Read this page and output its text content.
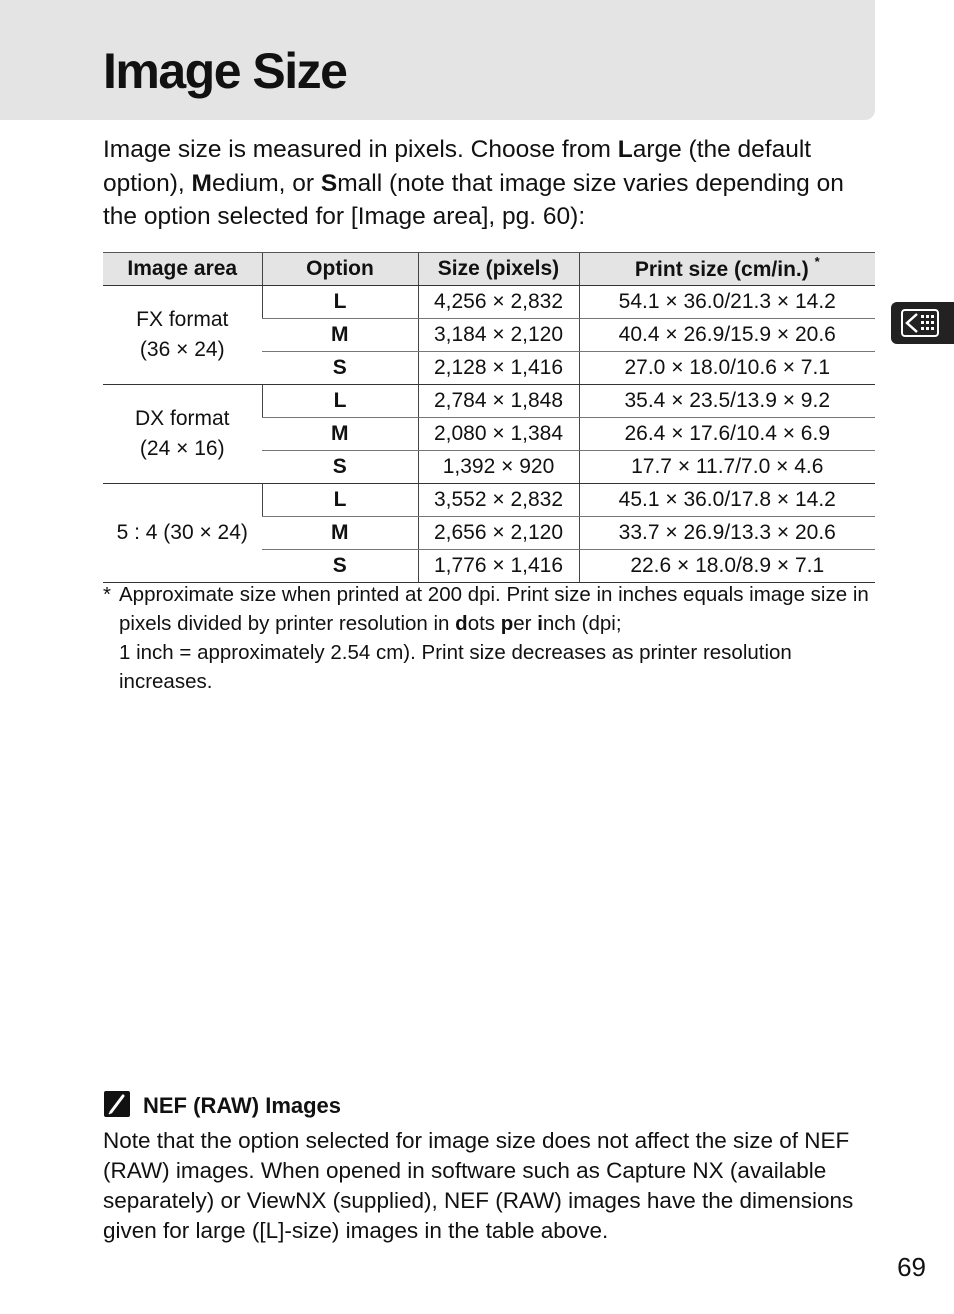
Image Size

Image size is measured in pixels. Choose from Large (the default option), Medium, or Small (note that image size varies depending on the option selected for [Image area], pg. 60):

Image area	Option	Size (pixels)	Print size (cm/in.) *
FX format
(36 × 24)	L	4,256 × 2,832	54.1 × 36.0/21.3 × 14.2
	M	3,184 × 2,120	40.4 × 26.9/15.9 × 20.6
	S	2,128 × 1,416	27.0 × 18.0/10.6 × 7.1
DX format
(24 × 16)	L	2,784 × 1,848	35.4 × 23.5/13.9 × 9.2
	M	2,080 × 1,384	26.4 × 17.6/10.4 × 6.9
	S	1,392 × 920	17.7 × 11.7/7.0 × 4.6
5 : 4 (30 × 24)	L	3,552 × 2,832	45.1 × 36.0/17.8 × 14.2
	M	2,656 × 2,120	33.7 × 26.9/13.3 × 20.6
	S	1,776 × 1,416	22.6 × 18.0/8.9 × 7.1
* Approximate size when printed at 200 dpi. Print size in inches equals image size in pixels divided by printer resolution in dots per inch (dpi;
1 inch = approximately 2.54 cm). Print size decreases as printer resolution increases.
NEF (RAW) Images

Note that the option selected for image size does not affect the size of NEF (RAW) images. When opened in software such as Capture NX (available separately) or ViewNX (supplied), NEF (RAW) images have the dimensions given for large ([L]-size) images in the table above.

69
